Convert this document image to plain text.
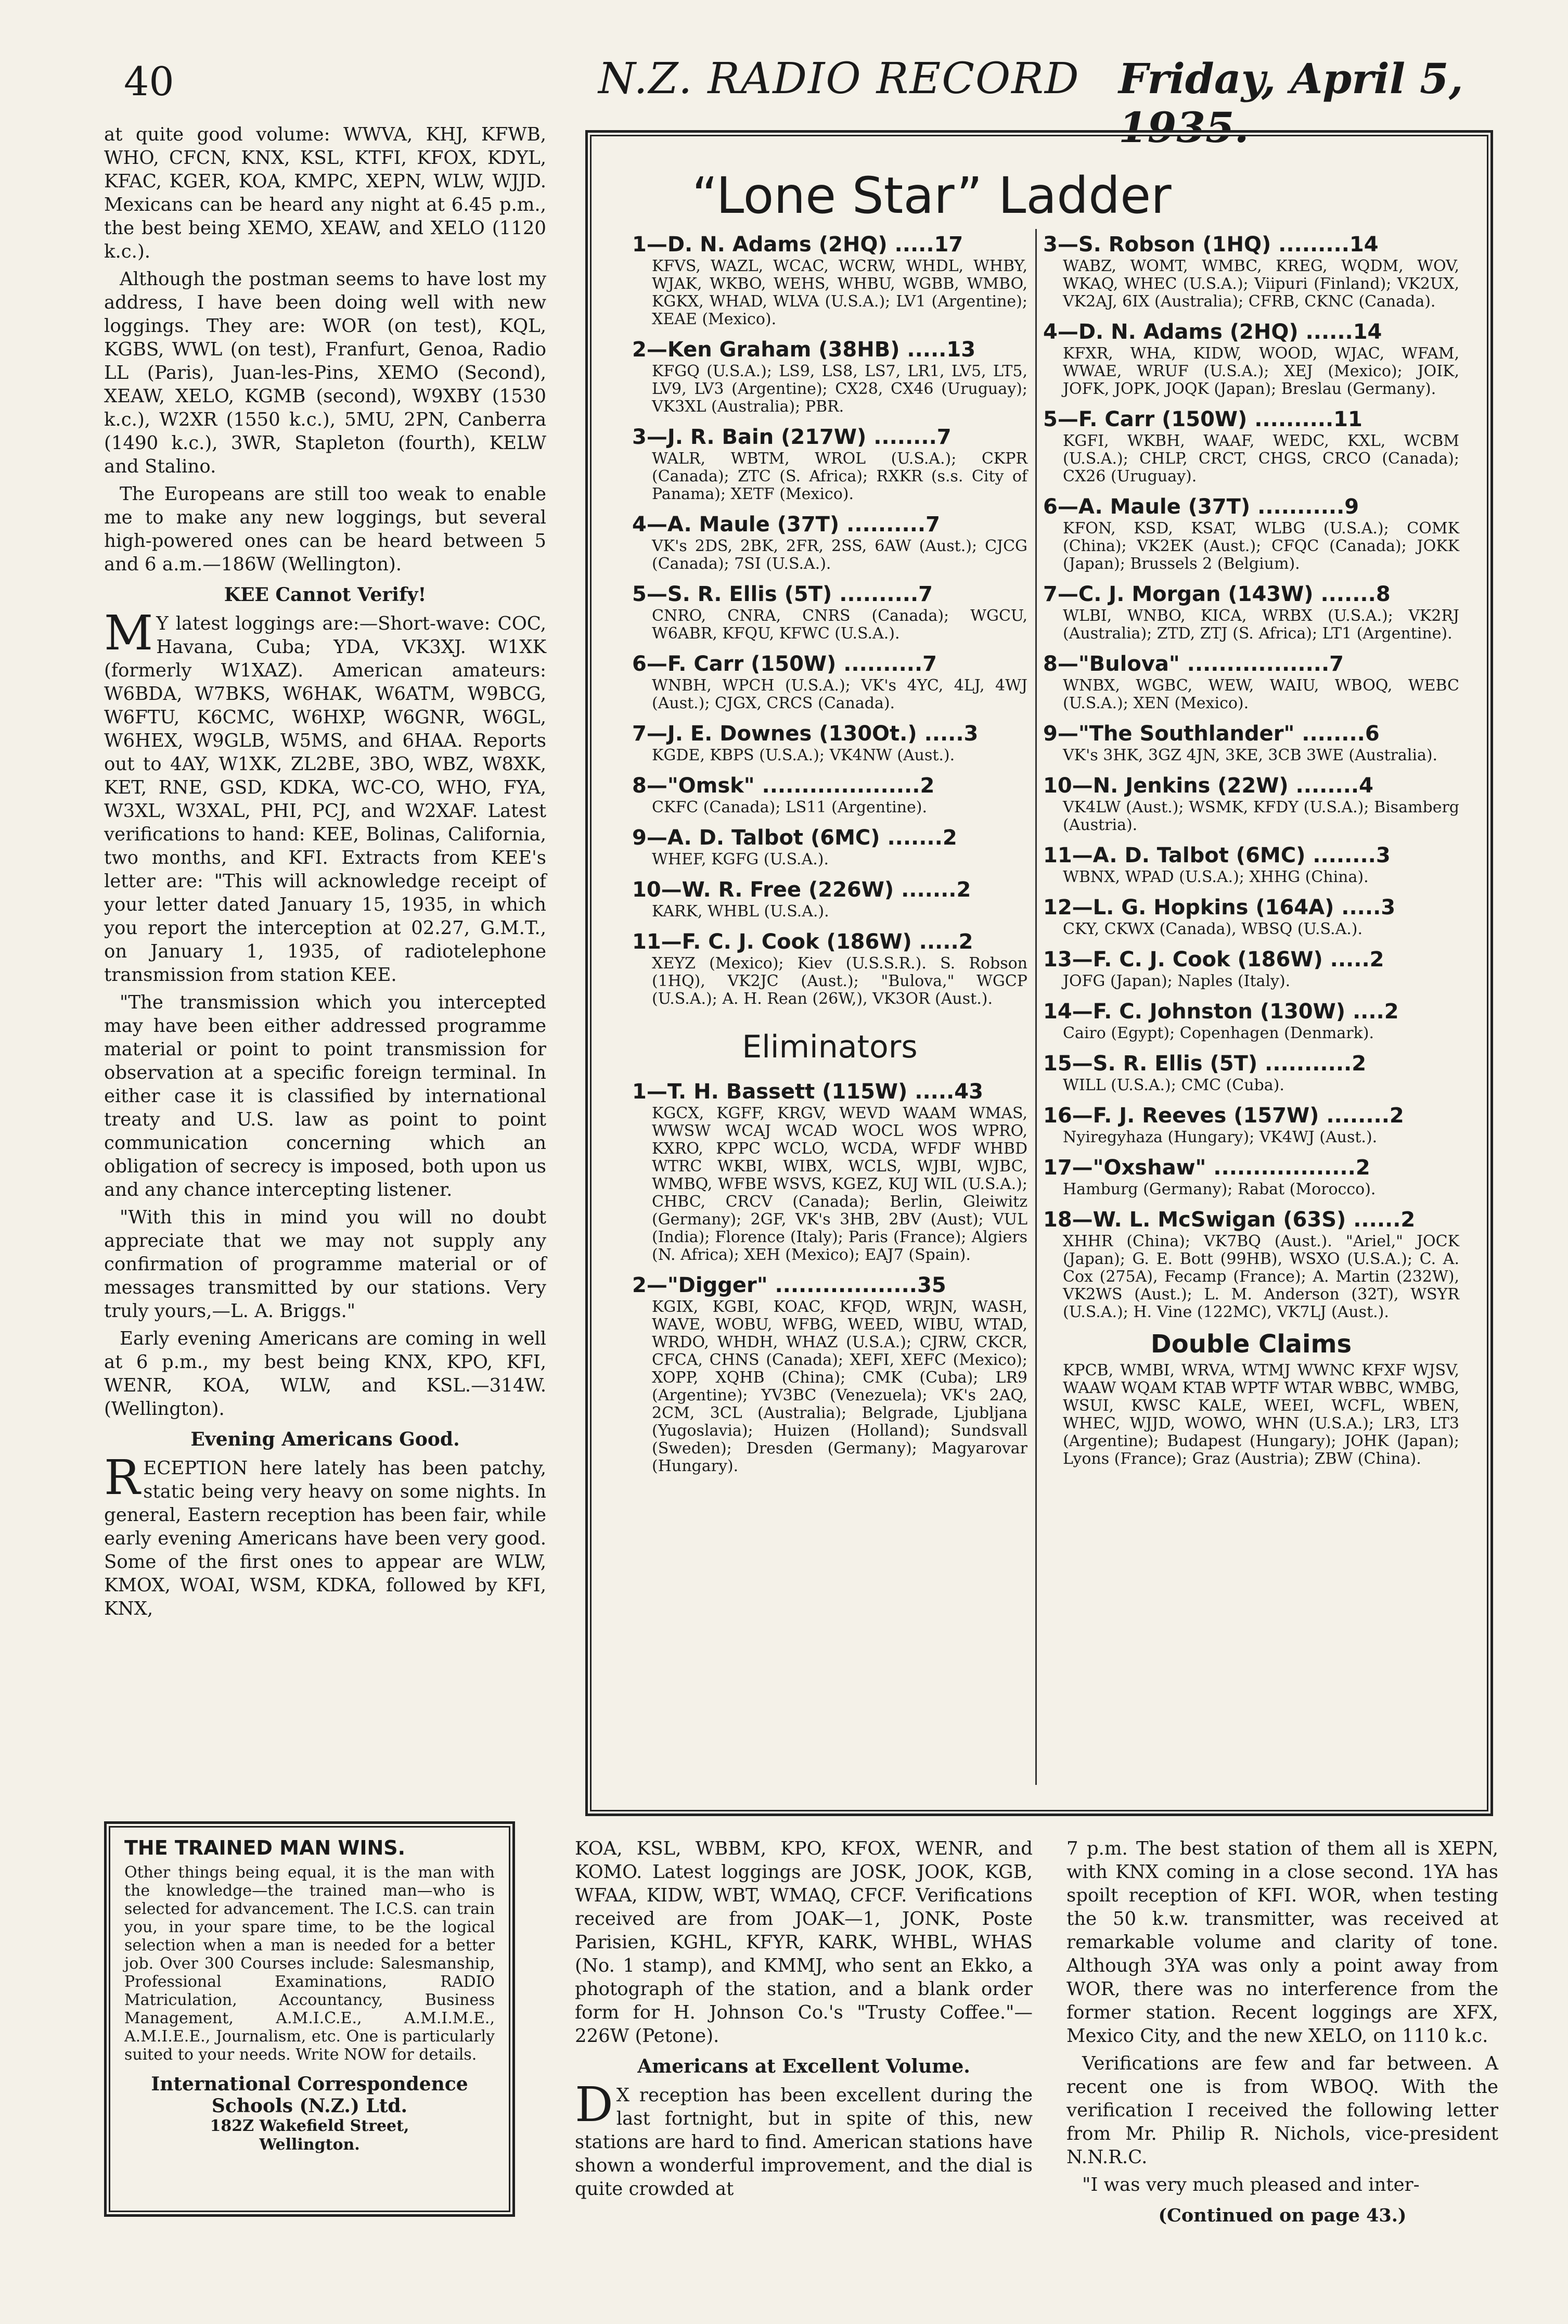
40	N.Z. RADIO RECORD Friday, April 5, 1935.

at quite good volume: WWVA, KHJ, KFWB, WHO, CFCN, KNX, KSL, KTFI, KFOX, KDYL, KFAC, KGER, KOA, KMPC, XEPN, WLW, WJJD. Mexicans can be heard any night at 6.45 p.m., the best being XEMO, XEAW, and XELO (1120 k.c.).

Although the postman seems to have lost my address, I have been doing well with new loggings. They are: WOR (on test), KQL, KGBS, WWL (on test), Franfurt, Genoa, Radio LL (Paris), Juan-les-Pins, XEMO (Second), XEAW, XELO, KGMB (second), W9XBY (1530 k.c.), W2XR (1550 k.c.), 5MU, 2PN, Canberra (1490 k.c.), 3WR, Stapleton (fourth), KELW and Stalino.

The Europeans are still too weak to enable me to make any new loggings, but several high-powered ones can be heard between 5 and 6 a.m.—186W (Wellington).

KEE Cannot Verify!

M Y latest loggings are:—Short-wave: COC, Havana, Cuba; YDA, VK3XJ. W1XK (formerly W1XAZ). American amateurs: W6BDA, W7BKS, W6HAK, W6ATM, W9BCG, W6FTU, K6CMC, W6HXP, W6GNR, W6GL, W6HEX, W9GLB, W5MS, and 6HAA. Reports out to 4AY, W1XK, ZL2BE, 3BO, WBZ, W8XK, KET, RNE, GSD, KDKA, WC-CO, WHO, FYA, W3XL, W3XAL, PHI, PCJ, and W2XAF. Latest verifications to hand: KEE, Bolinas, California, two months, and KFI. Extracts from KEE's letter are: "This will acknowledge receipt of your letter dated January 15, 1935, in which you report the interception at 02.27, G.M.T., on January 1, 1935, of radiotelephone transmission from station KEE.

"The transmission which you intercepted may have been either addressed programme material or point to point transmission for observation at a specific foreign terminal. In either case it is classified by international treaty and U.S. law as point to point communication concerning which an obligation of secrecy is imposed, both upon us and any chance intercepting listener.

"With this in mind you will no doubt appreciate that we may not supply any confirmation of programme material or of messages transmitted by our stations. Very truly yours,—L. A. Briggs."

Early evening Americans are coming in well at 6 p.m., my best being KNX, KPO, KFI, WENR, KOA, WLW, and KSL.—314W. (Wellington).

Evening Americans Good.

RECEPTION here lately has been patchy, static being very heavy on some nights. In general, Eastern reception has been fair, while early evening Americans have been very good. Some of the first ones to appear are WLW, KMOX, WOAI, WSM, KDKA, followed by KFI, KNX,

THE TRAINED MAN WINS.
Other things being equal, it is the man with the knowledge—the trained man—who is selected for advancement. The I.C.S. can train you, in your spare time, to be the logical selection when a man is needed for a better job. Over 300 Courses include: Salesmanship, Professional Examinations, RADIO Matriculation, Accountancy, Business Management, A.M.I.C.E., A.M.I.M.E., A.M.I.E.E., Journalism, etc. One is particularly suited to your needs. Write NOW for details.
International Correspondence
Schools (N.Z.) Ltd.
182Z Wakefield Street,
Wellington.
“Lone Star” Ladder
1—D. N. Adams (2HQ) .....17
KFVS, WAZL, WCAC, WCRW, WHDL, WHBY, WJAK, WKBO, WEHS, WHBU, WGBB, WMBO, KGKX, WHAD, WLVA (U.S.A.); LV1 (Argentine); XEAE (Mexico).
2—Ken Graham (38HB) .....13
KFGQ (U.S.A.); LS9, LS8, LS7, LR1, LV5, LT5, LV9, LV3 (Argentine); CX28, CX46 (Uruguay); VK3XL (Australia); PBR.
3—J. R. Bain (217W) ........7
WALR, WBTM, WROL (U.S.A.); CKPR (Canada); ZTC (S. Africa); RXKR (s.s. City of Panama); XETF (Mexico).
4—A. Maule (37T) ..........7
VK's 2DS, 2BK, 2FR, 2SS, 6AW (Aust.); CJCG (Canada); 7SI (U.S.A.).
5—S. R. Ellis (5T) ..........7
CNRO, CNRA, CNRS (Canada); WGCU, W6ABR, KFQU, KFWC (U.S.A.).
6—F. Carr (150W) ..........7
WNBH, WPCH (U.S.A.); VK's 4YC, 4LJ, 4WJ (Aust.); CJGX, CRCS (Canada).
7—J. E. Downes (130Ot.) .....3
KGDE, KBPS (U.S.A.); VK4NW (Aust.).
8—"Omsk" ....................2
CKFC (Canada); LS11 (Argentine).
9—A. D. Talbot (6MC) .......2
WHEF, KGFG (U.S.A.).
10—W. R. Free (226W) .......2
KARK, WHBL (U.S.A.).
11—F. C. J. Cook (186W) .....2
XEYZ (Mexico); Kiev (U.S.S.R.). S. Robson (1HQ), VK2JC (Aust.); "Bulova," WGCP (U.S.A.); A. H. Rean (26W,), VK3OR (Aust.).
Eliminators
1—T. H. Bassett (115W) .....43
KGCX, KGFF, KRGV, WEVD WAAM WMAS, WWSW WCAJ WCAD WOCL WOS WPRO, KXRO, KPPC WCLO, WCDA, WFDF WHBD WTRC WKBI, WIBX, WCLS, WJBI, WJBC, WMBQ, WFBE WSVS, KGEZ, KUJ WIL (U.S.A.); CHBC, CRCV (Canada); Berlin, Gleiwitz (Germany); 2GF, VK's 3HB, 2BV (Aust); VUL (India); Florence (Italy); Paris (France); Algiers (N. Africa); XEH (Mexico); EAJ7 (Spain).
2—"Digger" ..................35
KGIX, KGBI, KOAC, KFQD, WRJN, WASH, WAVE, WOBU, WFBG, WEED, WIBU, WTAD, WRDO, WHDH, WHAZ (U.S.A.); CJRW, CKCR, CFCA, CHNS (Canada); XEFI, XEFC (Mexico); XOPP, XQHB (China); CMK (Cuba); LR9 (Argentine); YV3BC (Venezuela); VK's 2AQ, 2CM, 3CL (Australia); Belgrade, Ljubljana (Yugoslavia); Huizen (Holland); Sundsvall (Sweden); Dresden (Germany); Magyarovar (Hungary).
3—S. Robson (1HQ) .........14
WABZ, WOMT, WMBC, KREG, WQDM, WOV, WKAQ, WHEC (U.S.A.); Viipuri (Finland); VK2UX, VK2AJ, 6IX (Australia); CFRB, CKNC (Canada).
4—D. N. Adams (2HQ) ......14
KFXR, WHA, KIDW, WOOD, WJAC, WFAM, WWAE, WRUF (U.S.A.); XEJ (Mexico); JOIK, JOFK, JOPK, JOQK (Japan); Breslau (Germany).
5—F. Carr (150W) ..........11
KGFI, WKBH, WAAF, WEDC, KXL, WCBM (U.S.A.); CHLP, CRCT, CHGS, CRCO (Canada); CX26 (Uruguay).
6—A. Maule (37T) ...........9
KFON, KSD, KSAT, WLBG (U.S.A.); COMK (China); VK2EK (Aust.); CFQC (Canada); JOKK (Japan); Brussels 2 (Belgium).
7—C. J. Morgan (143W) .......8
WLBI, WNBO, KICA, WRBX (U.S.A.); VK2RJ (Australia); ZTD, ZTJ (S. Africa); LT1 (Argentine).
8—"Bulova" ..................7
WNBX, WGBC, WEW, WAIU, WBOQ, WEBC (U.S.A.); XEN (Mexico).
9—"The Southlander" ........6
VK's 3HK, 3GZ 4JN, 3KE, 3CB 3WE (Australia).
10—N. Jenkins (22W) ........4
VK4LW (Aust.); WSMK, KFDY (U.S.A.); Bisamberg (Austria).
11—A. D. Talbot (6MC) ........3
WBNX, WPAD (U.S.A.); XHHG (China).
12—L. G. Hopkins (164A) .....3
CKY, CKWX (Canada), WBSQ (U.S.A.).
13—F. C. J. Cook (186W) .....2
JOFG (Japan); Naples (Italy).
14—F. C. Johnston (130W) ....2
Cairo (Egypt); Copenhagen (Denmark).
15—S. R. Ellis (5T) ...........2
WILL (U.S.A.); CMC (Cuba).
16—F. J. Reeves (157W) ........2
Nyiregyhaza (Hungary); VK4WJ (Aust.).
17—"Oxshaw" ..................2
Hamburg (Germany); Rabat (Morocco).
18—W. L. McSwigan (63S) ......2
XHHR (China); VK7BQ (Aust.). "Ariel," JOCK (Japan); G. E. Bott (99HB), WSXO (U.S.A.); C. A. Cox (275A), Fecamp (France); A. Martin (232W), VK2WS (Aust.); L. M. Anderson (32T), WSYR (U.S.A.); H. Vine (122MC), VK7LJ (Aust.).
Double Claims
KPCB, WMBI, WRVA, WTMJ WWNC KFXF WJSV, WAAW WQAM KTAB WPTF WTAR WBBC, WMBG, WSUI, KWSC KALE, WEEI, WCFL, WBEN, WHEC, WJJD, WOWO, WHN (U.S.A.); LR3, LT3 (Argentine); Budapest (Hungary); JOHK (Japan); Lyons (France); Graz (Austria); ZBW (China).

KOA, KSL, WBBM, KPO, KFOX, WENR, and KOMO. Latest loggings are JOSK, JOOK, KGB, WFAA, KIDW, WBT, WMAQ, CFCF. Verifications received are from JOAK—1, JONK, Poste Parisien, KGHL, KFYR, KARK, WHBL, WHAS (No. 1 stamp), and KMMJ, who sent an Ekko, a photograph of the station, and a blank order form for H. Johnson Co.'s "Trusty Coffee."—226W (Petone).

Americans at Excellent Volume.

D X reception has been excellent during the last fortnight, but in spite of this, new stations are hard to find. American stations have shown a wonderful improvement, and the dial is quite crowded at

7 p.m. The best station of them all is XEPN, with KNX coming in a close second. 1YA has spoilt reception of KFI. WOR, when testing the 50 k.w. transmitter, was received at remarkable volume and clarity of tone. Although 3YA was only a point away from WOR, there was no interference from the former station. Recent loggings are XFX, Mexico City, and the new XELO, on 1110 k.c.

Verifications are few and far between. A recent one is from WBOQ. With the verification I received the following letter from Mr. Philip R. Nichols, vice-president N.N.R.C.

"I was very much pleased and inter-

(Continued on page 43.)
